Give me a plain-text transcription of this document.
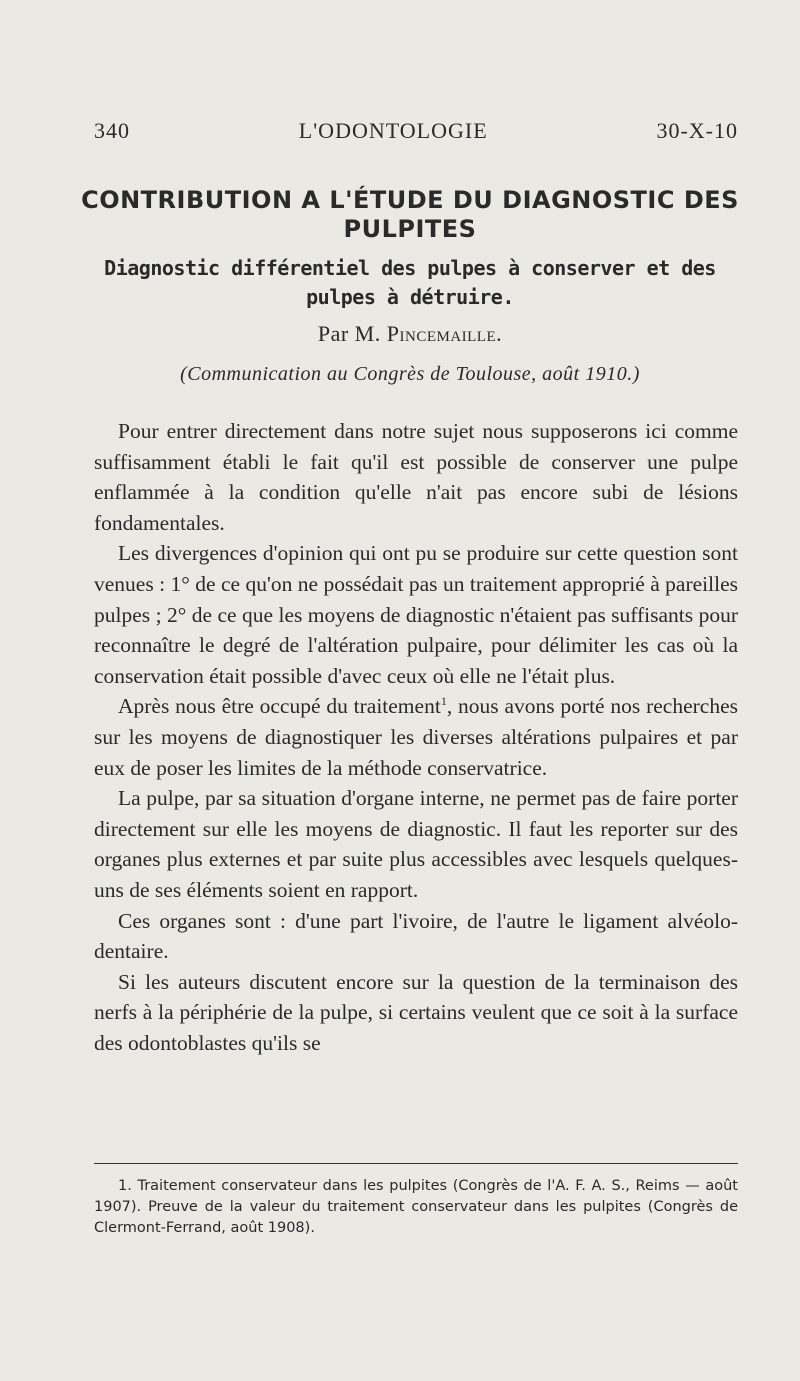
340	L'ODONTOLOGIE	30-X-10
CONTRIBUTION A L'ÉTUDE DU DIAGNOSTIC DES PULPITES
Diagnostic différentiel des pulpes à conserver et des pulpes à détruire.
Par M. Pincemaille.
(Communication au Congrès de Toulouse, août 1910.)

Pour entrer directement dans notre sujet nous supposerons ici comme suffisamment établi le fait qu'il est possible de conserver une pulpe enflammée à la condition qu'elle n'ait pas encore subi de lésions fondamentales.

Les divergences d'opinion qui ont pu se produire sur cette question sont venues : 1° de ce qu'on ne possédait pas un traitement approprié à pareilles pulpes ; 2° de ce que les moyens de diagnostic n'étaient pas suffisants pour reconnaître le degré de l'altération pulpaire, pour délimiter les cas où la conservation était possible d'avec ceux où elle ne l'était plus.

Après nous être occupé du traitement$^1$, nous avons porté nos recherches sur les moyens de diagnostiquer les diverses altérations pulpaires et par eux de poser les limites de la méthode conservatrice.

La pulpe, par sa situation d'organe interne, ne permet pas de faire porter directement sur elle les moyens de diagnostic. Il faut les reporter sur des organes plus externes et par suite plus accessibles avec lesquels quelques-uns de ses éléments soient en rapport.

Ces organes sont : d'une part l'ivoire, de l'autre le ligament alvéolo-dentaire.

Si les auteurs discutent encore sur la question de la terminaison des nerfs à la périphérie de la pulpe, si certains veulent que ce soit à la surface des odontoblastes qu'ils se

1. Traitement conservateur dans les pulpites (Congrès de l'A. F. A. S., Reims — août 1907). Preuve de la valeur du traitement conservateur dans les pulpites (Congrès de Clermont-Ferrand, août 1908).
